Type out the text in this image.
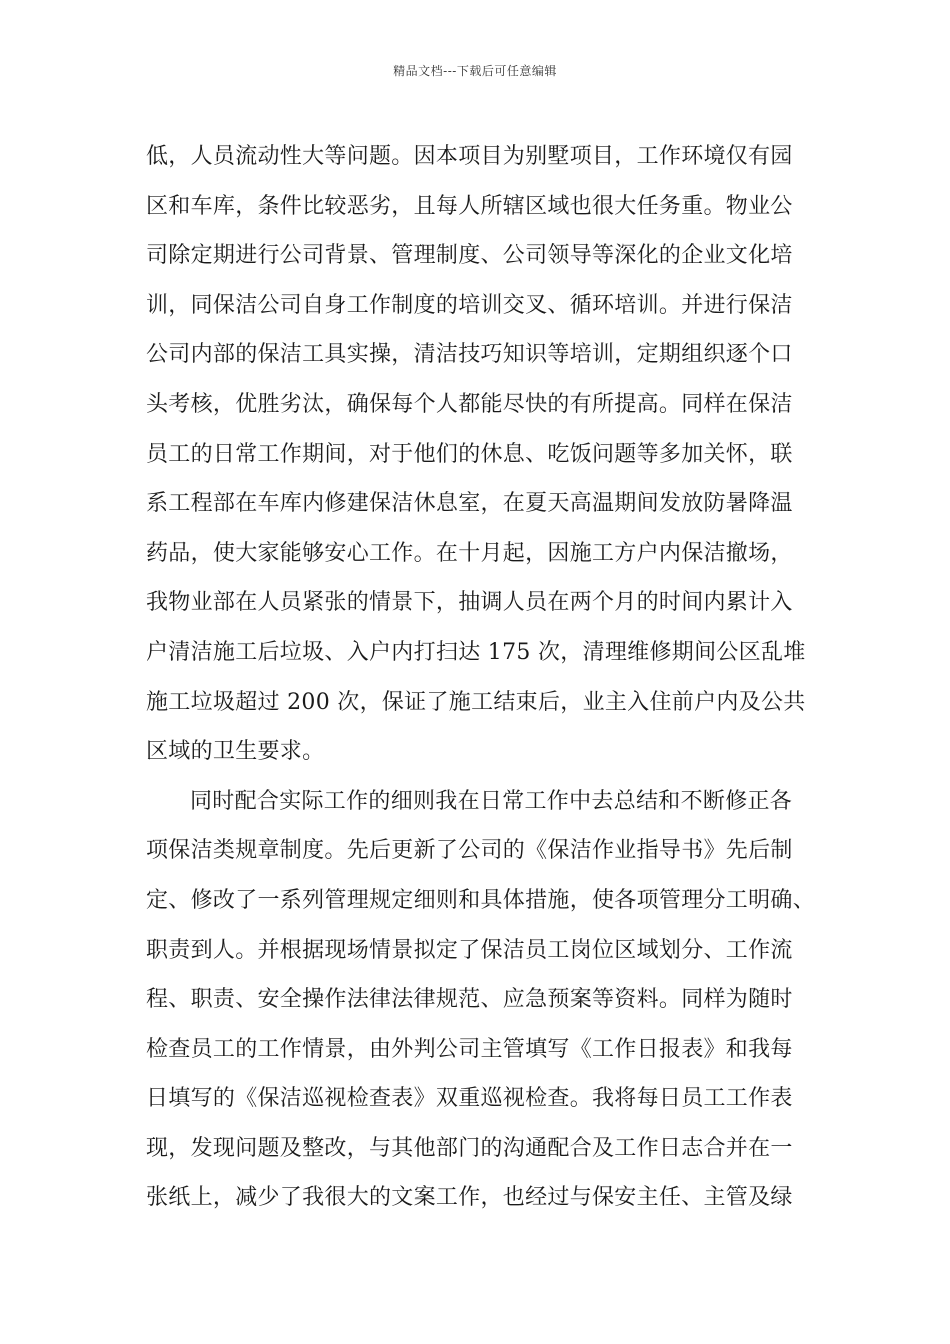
精品文档---下载后可任意编辑
低，人员流动性大等问题。因本项目为别墅项目，工作环境仅有园
区和车库，条件比较恶劣，且每人所辖区域也很大任务重。物业公
司除定期进行公司背景、管理制度、公司领导等深化的企业文化培
训，同保洁公司自身工作制度的培训交叉、循环培训。并进行保洁
公司内部的保洁工具实操，清洁技巧知识等培训，定期组织逐个口
头考核，优胜劣汰，确保每个人都能尽快的有所提高。同样在保洁
员工的日常工作期间，对于他们的休息、吃饭问题等多加关怀，联
系工程部在车库内修建保洁休息室，在夏天高温期间发放防暑降温
药品，使大家能够安心工作。在十月起，因施工方户内保洁撤场，
我物业部在人员紧张的情景下，抽调人员在两个月的时间内累计入
户清洁施工后垃圾、入户内打扫达 175 次，清理维修期间公区乱堆
施工垃圾超过 200 次，保证了施工结束后，业主入住前户内及公共
区域的卫生要求。
同时配合实际工作的细则我在日常工作中去总结和不断修正各
项保洁类规章制度。先后更新了公司的《保洁作业指导书》先后制
定、修改了一系列管理规定细则和具体措施，使各项管理分工明确、
职责到人。并根据现场情景拟定了保洁员工岗位区域划分、工作流
程、职责、安全操作法律法律规范、应急预案等资料。同样为随时
检查员工的工作情景，由外判公司主管填写《工作日报表》和我每
日填写的《保洁巡视检查表》双重巡视检查。我将每日员工工作表
现，发现问题及整改，与其他部门的沟通配合及工作日志合并在一
张纸上，减少了我很大的文案工作，也经过与保安主任、主管及绿
